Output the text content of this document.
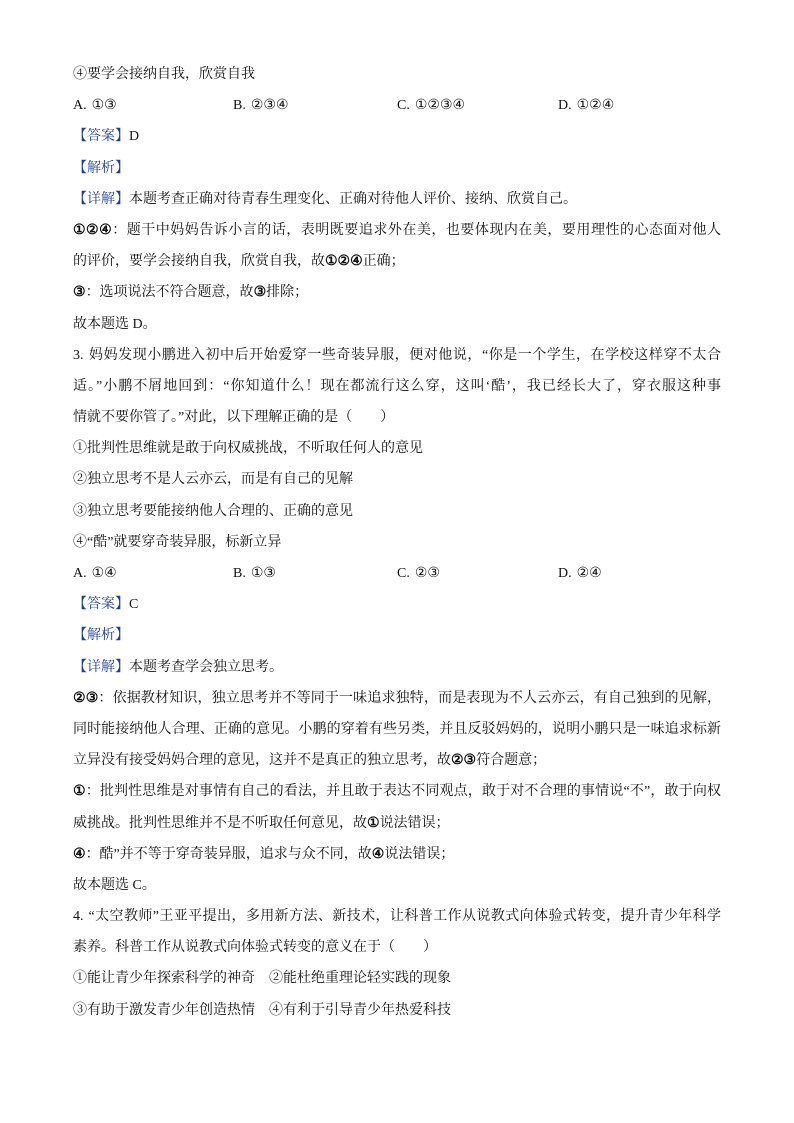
④要学会接纳自我，欣赏自我
A. ①③	B. ②③④	C. ①②③④	D. ①②④
【答案】D
【解析】
【详解】本题考查正确对待青春生理变化、正确对待他人评价、接纳、欣赏自己。
①②④：题干中妈妈告诉小言的话，表明既要追求外在美，也要体现内在美，要用理性的心态面对他人
的评价，要学会接纳自我，欣赏自我，故①②④正确；
③：选项说法不符合题意，故③排除；
故本题选 D。
3. 妈妈发现小鹏进入初中后开始爱穿一些奇装异服，便对他说，“你是一个学生，在学校这样穿不太合
适。”小鹏不屑地回到：“你知道什么！现在都流行这么穿，这叫‘酷’，我已经长大了，穿衣服这种事
情就不要你管了。”对此，以下理解正确的是（　　）
①批判性思维就是敢于向权威挑战，不听取任何人的意见
②独立思考不是人云亦云，而是有自己的见解
③独立思考要能接纳他人合理的、正确的意见
④“酷”就要穿奇装异服，标新立异
A. ①④	B. ①③	C. ②③	D. ②④
【答案】C
【解析】
【详解】本题考查学会独立思考。
②③：依据教材知识，独立思考并不等同于一味追求独特，而是表现为不人云亦云，有自己独到的见解，
同时能接纳他人合理、正确的意见。小鹏的穿着有些另类，并且反驳妈妈的，说明小鹏只是一味追求标新
立异没有接受妈妈合理的意见，这并不是真正的独立思考，故②③符合题意；
①：批判性思维是对事情有自己的看法，并且敢于表达不同观点，敢于对不合理的事情说“不”，敢于向权
威挑战。批判性思维并不是不听取任何意见，故①说法错误；
④：酷”并不等于穿奇装异服，追求与众不同，故④说法错误；
故本题选 C。
4. “太空教师”王亚平提出，多用新方法、新技术，让科普工作从说教式向体验式转变，提升青少年科学
素养。科普工作从说教式向体验式转变的意义在于（　　）
①能让青少年探索科学的神奇 ②能杜绝重理论轻实践的现象
③有助于激发青少年创造热情 ④有利于引导青少年热爱科技
